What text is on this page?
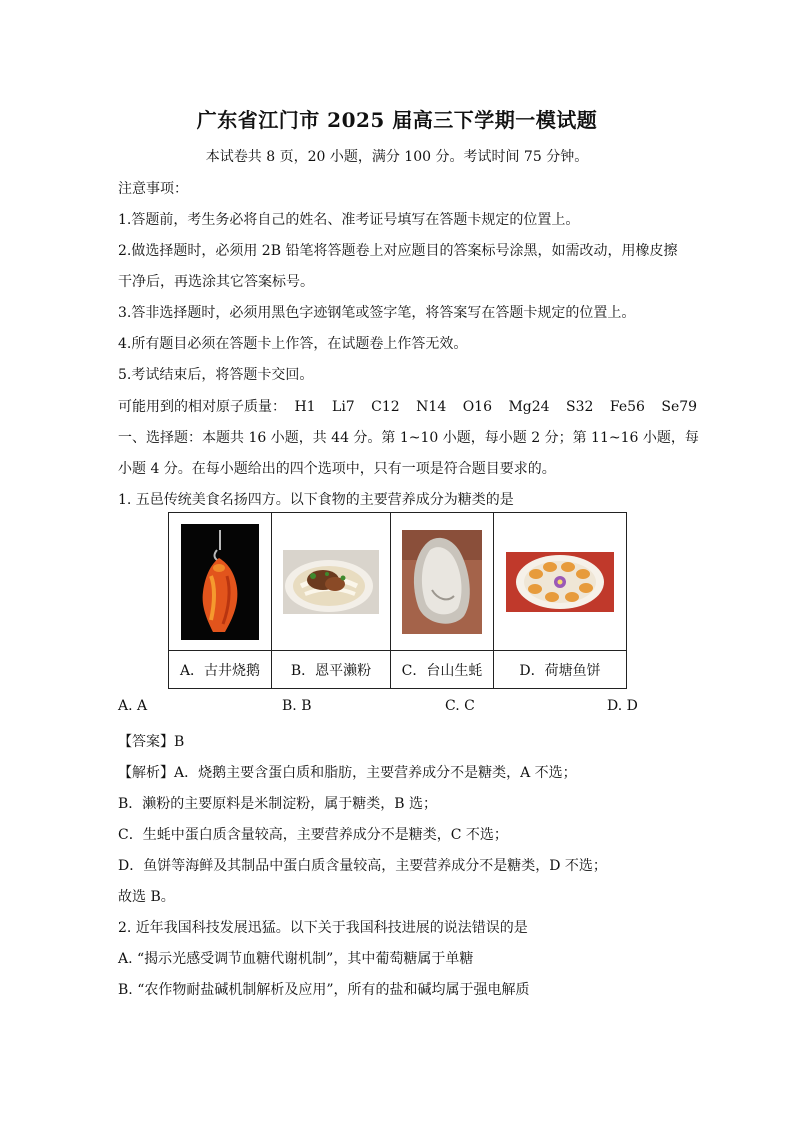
广东省江门市 2025 届高三下学期一模试题
本试卷共 8 页，20 小题，满分 100 分。考试时间 75 分钟。
注意事项：
1.答题前，考生务必将自己的姓名、准考证号填写在答题卡规定的位置上。
2.做选择题时，必须用 2B 铅笔将答题卷上对应题目的答案标号涂黑，如需改动，用橡皮擦
干净后，再选涂其它答案标号。
3.答非选择题时，必须用黑色字迹钢笔或签字笔，将答案写在答题卡规定的位置上。
4.所有题目必须在答题卡上作答，在试题卷上作答无效。
5.考试结束后，将答题卡交回。
可能用到的相对原子质量： H1 Li7 C12 N14 O16 Mg24 S32 Fe56 Se79
一、选择题：本题共 16 小题，共 44 分。第 1~10 小题，每小题 2 分；第 11~16 小题，每
小题 4 分。在每小题给出的四个选项中，只有一项是符合题目要求的。
1. 五邑传统美食名扬四方。以下食物的主要营养成分为糖类的是

A．古井烧鹅	B．恩平濑粉	C．台山生蚝	D．荷塘鱼饼
A. A	B. B	C. C	D. D
【答案】B
【解析】A．烧鹅主要含蛋白质和脂肪，主要营养成分不是糖类，A 不选；
B．濑粉的主要原料是米制淀粉，属于糖类，B 选；
C．生蚝中蛋白质含量较高，主要营养成分不是糖类，C 不选；
D．鱼饼等海鲜及其制品中蛋白质含量较高，主要营养成分不是糖类，D 不选；
故选 B。
2. 近年我国科技发展迅猛。以下关于我国科技进展的说法错误的是
A. “揭示光感受调节血糖代谢机制”，其中葡萄糖属于单糖
B. “农作物耐盐碱机制解析及应用”，所有的盐和碱均属于强电解质
